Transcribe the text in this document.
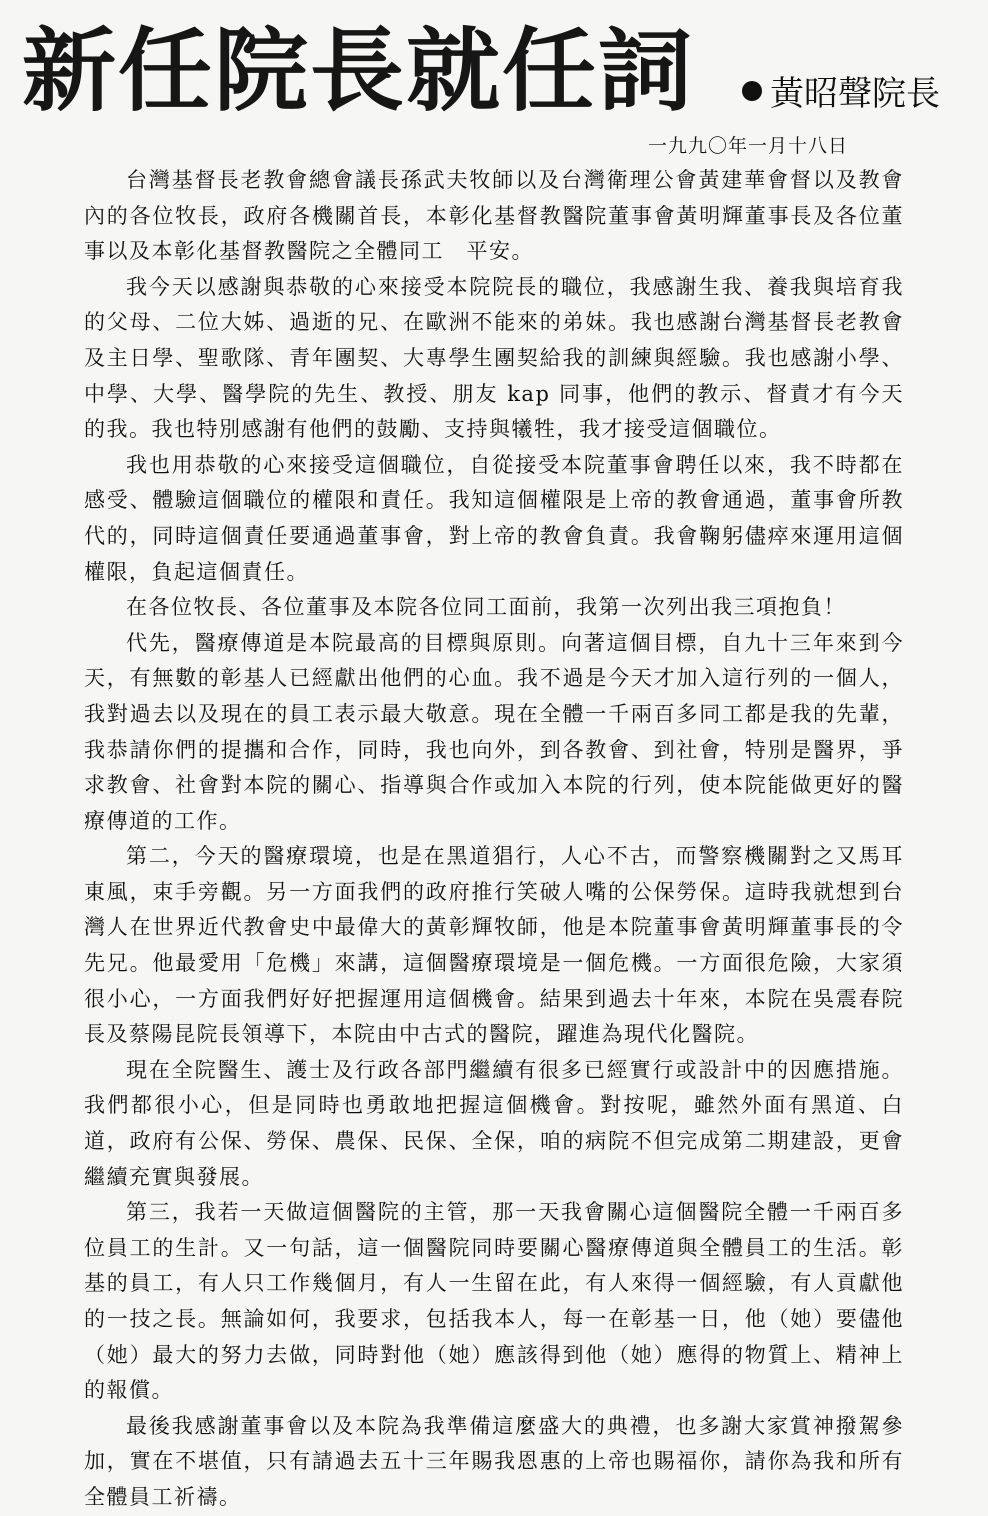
新任院長就任詞	黃昭聲院長
一九九〇年一月十八日

台灣基督長老教會總會議長孫武夫牧師以及台灣衛理公會黃建華會督以及教會內的各位牧長，政府各機關首長，本彰化基督教醫院董事會黃明輝董事長及各位董事以及本彰化基督教醫院之全體同工　平安。

我今天以感謝與恭敬的心來接受本院院長的職位，我感謝生我、養我與培育我的父母、二位大姊、過逝的兄、在歐洲不能來的弟妹。我也感謝台灣基督長老教會及主日學、聖歌隊、青年團契、大專學生團契給我的訓練與經驗。我也感謝小學、中學、大學、醫學院的先生、教授、朋友 kap 同事，他們的教示、督責才有今天的我。我也特別感謝有他們的鼓勵、支持與犧牲，我才接受這個職位。

我也用恭敬的心來接受這個職位，自從接受本院董事會聘任以來，我不時都在感受、體驗這個職位的權限和責任。我知這個權限是上帝的教會通過，董事會所教代的，同時這個責任要通過董事會，對上帝的教會負責。我會鞠躬儘瘁來運用這個權限，負起這個責任。

在各位牧長、各位董事及本院各位同工面前，我第一次列出我三項抱負！

代先，醫療傳道是本院最高的目標與原則。向著這個目標，自九十三年來到今天，有無數的彰基人已經獻出他們的心血。我不過是今天才加入這行列的一個人，我對過去以及現在的員工表示最大敬意。現在全體一千兩百多同工都是我的先輩，我恭請你們的提攜和合作，同時，我也向外，到各教會、到社會，特別是醫界，爭求教會、社會對本院的關心、指導與合作或加入本院的行列，使本院能做更好的醫療傳道的工作。

第二，今天的醫療環境，也是在黑道猖行，人心不古，而警察機關對之又馬耳東風，束手旁觀。另一方面我們的政府推行笑破人嘴的公保勞保。這時我就想到台灣人在世界近代教會史中最偉大的黃彰輝牧師，他是本院董事會黃明輝董事長的令先兄。他最愛用「危機」來講，這個醫療環境是一個危機。一方面很危險，大家須很小心，一方面我們好好把握運用這個機會。結果到過去十年來，本院在吳震春院長及蔡陽昆院長領導下，本院由中古式的醫院，躍進為現代化醫院。

現在全院醫生、護士及行政各部門繼續有很多已經實行或設計中的因應措施。我們都很小心，但是同時也勇敢地把握這個機會。對按呢，雖然外面有黑道、白道，政府有公保、勞保、農保、民保、全保，咱的病院不但完成第二期建設，更會繼續充實與發展。

第三，我若一天做這個醫院的主管，那一天我會關心這個醫院全體一千兩百多位員工的生計。又一句話，這一個醫院同時要關心醫療傳道與全體員工的生活。彰基的員工，有人只工作幾個月，有人一生留在此，有人來得一個經驗，有人貢獻他的一技之長。無論如何，我要求，包括我本人，每一在彰基一日，他（她）要儘他（她）最大的努力去做，同時對他（她）應該得到他（她）應得的物質上、精神上的報償。

最後我感謝董事會以及本院為我準備這麼盛大的典禮，也多謝大家賞神撥駕參加，實在不堪值，只有請過去五十三年賜我恩惠的上帝也賜福你，請你為我和所有全體員工祈禱。
